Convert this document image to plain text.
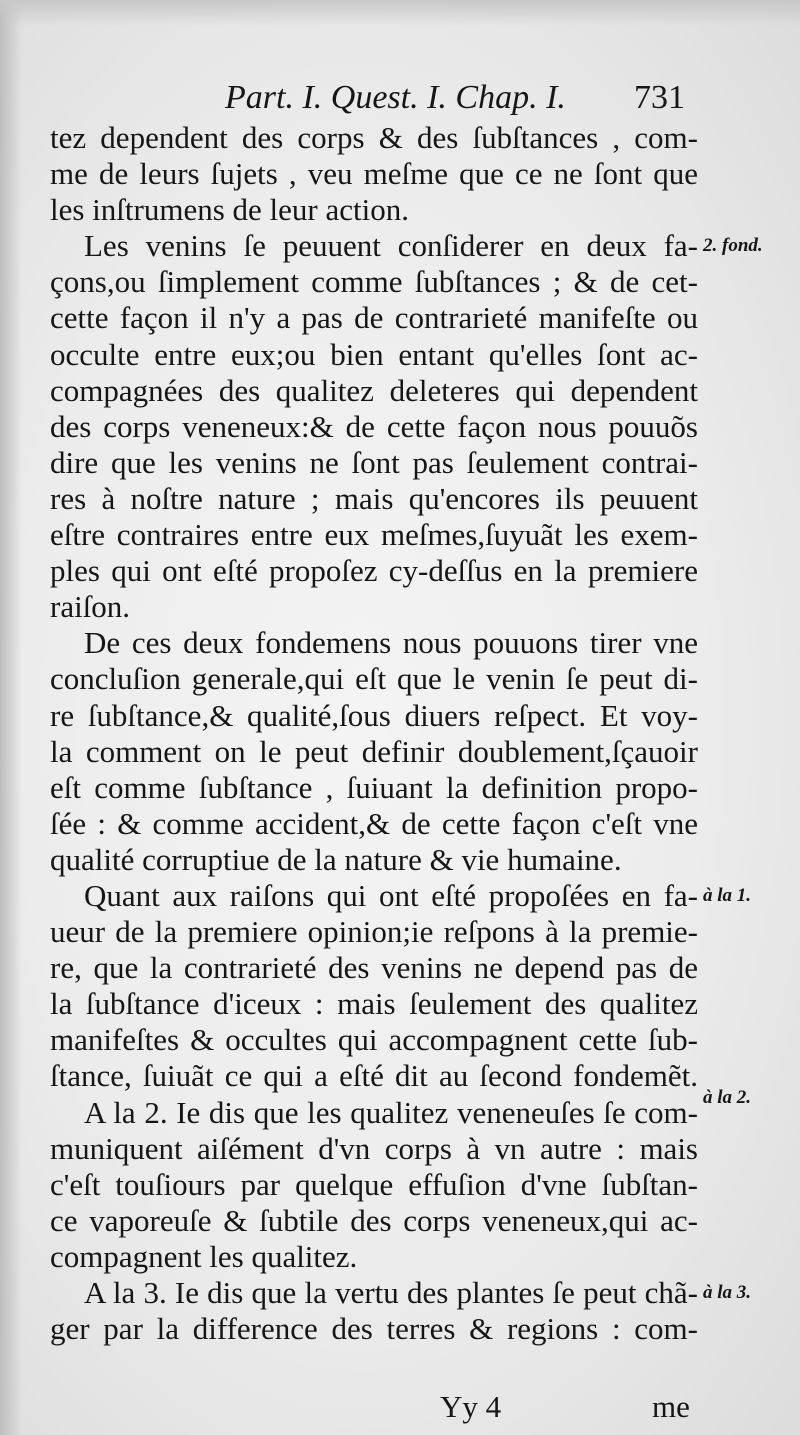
Part. I. Quest. I. Chap. I. 731
tez dependent des corps & des ſubſtances , com-
me de leurs ſujets , veu meſme que ce ne ſont que
les inſtrumens de leur action.
Les venins ſe peuuent conſiderer en deux fa-
çons,ou ſimplement comme ſubſtances ; & de cet-
cette façon il n'y a pas de contrarieté manifeſte ou
occulte entre eux;ou bien entant qu'elles ſont ac-
compagnées des qualitez deleteres qui dependent
des corps veneneux:& de cette façon nous pouuõs
dire que les venins ne ſont pas ſeulement contrai-
res à noſtre nature ; mais qu'encores ils peuuent
eſtre contraires entre eux meſmes,ſuyuãt les exem-
ples qui ont eſté propoſez cy-deſſus en la premiere
raiſon.
De ces deux fondemens nous pouuons tirer vne
concluſion generale,qui eſt que le venin ſe peut di-
re ſubſtance,& qualité,ſous diuers reſpect. Et voy-
la comment on le peut definir doublement,ſçauoir
eſt comme ſubſtance , ſuiuant la definition propo-
ſée : & comme accident,& de cette façon c'eſt vne
qualité corruptiue de la nature & vie humaine.
Quant aux raiſons qui ont eſté propoſées en fa-
ueur de la premiere opinion;ie reſpons à la premie-
re, que la contrarieté des venins ne depend pas de
la ſubſtance d'iceux : mais ſeulement des qualitez
manifeſtes & occultes qui accompagnent cette ſub-
ſtance, ſuiuãt ce qui a eſté dit au ſecond fondemẽt.
A la 2. Ie dis que les qualitez veneneuſes ſe com-
muniquent aiſément d'vn corps à vn autre : mais
c'eſt touſiours par quelque effuſion d'vne ſubſtan-
ce vaporeuſe & ſubtile des corps veneneux,qui ac-
compagnent les qualitez.
A la 3. Ie dis que la vertu des plantes ſe peut chã-
ger par la difference des terres & regions : com-
2. fond.
à la 1.
à la 2.
à la 3.
Yy 4	me
